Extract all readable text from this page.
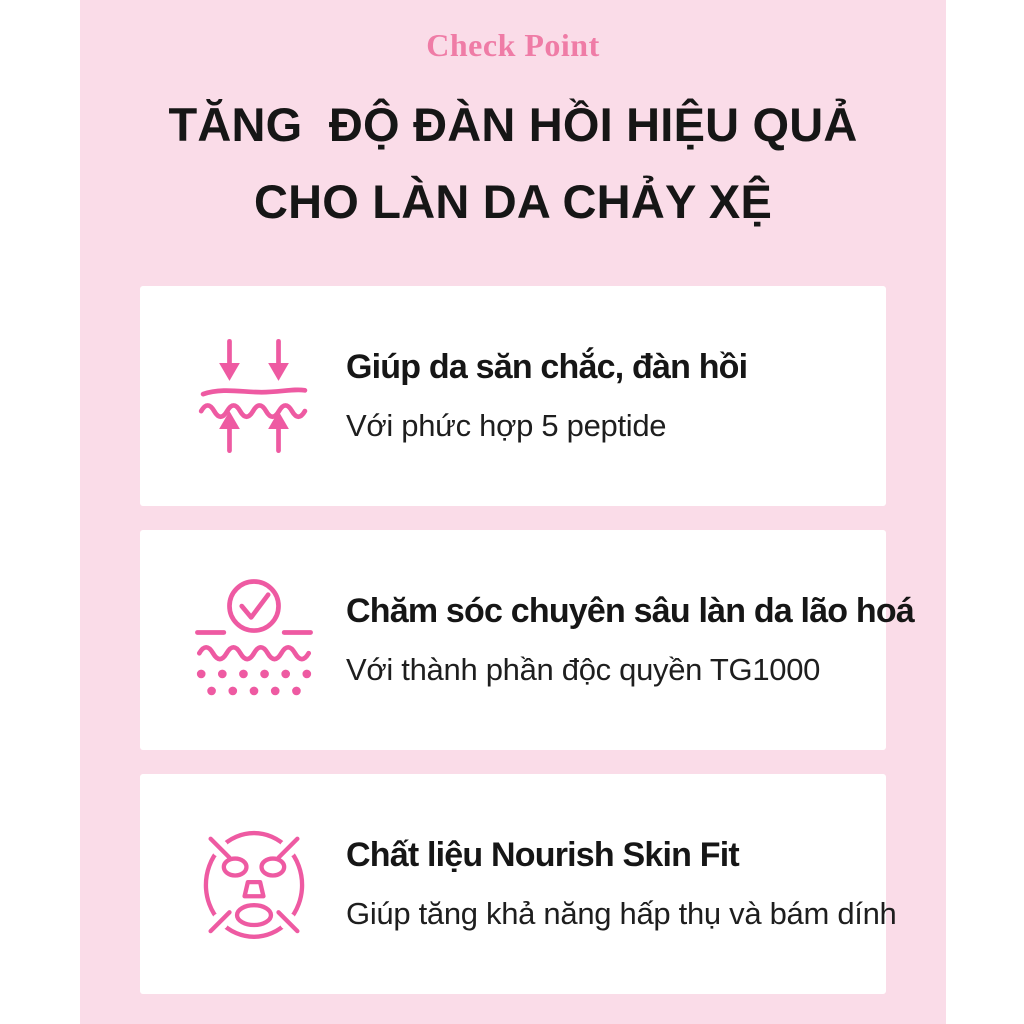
Check Point
TĂNG  ĐỘ ĐÀN HỒI HIỆU QUẢ
CHO LÀN DA CHẢY XỆ
Giúp da săn chắc, đàn hồi
Với phức hợp 5 peptide
Chăm sóc chuyên sâu làn da lão hoá
Với thành phần độc quyền TG1000
Chất liệu Nourish Skin Fit
Giúp tăng khả năng hấp thụ và bám dính
